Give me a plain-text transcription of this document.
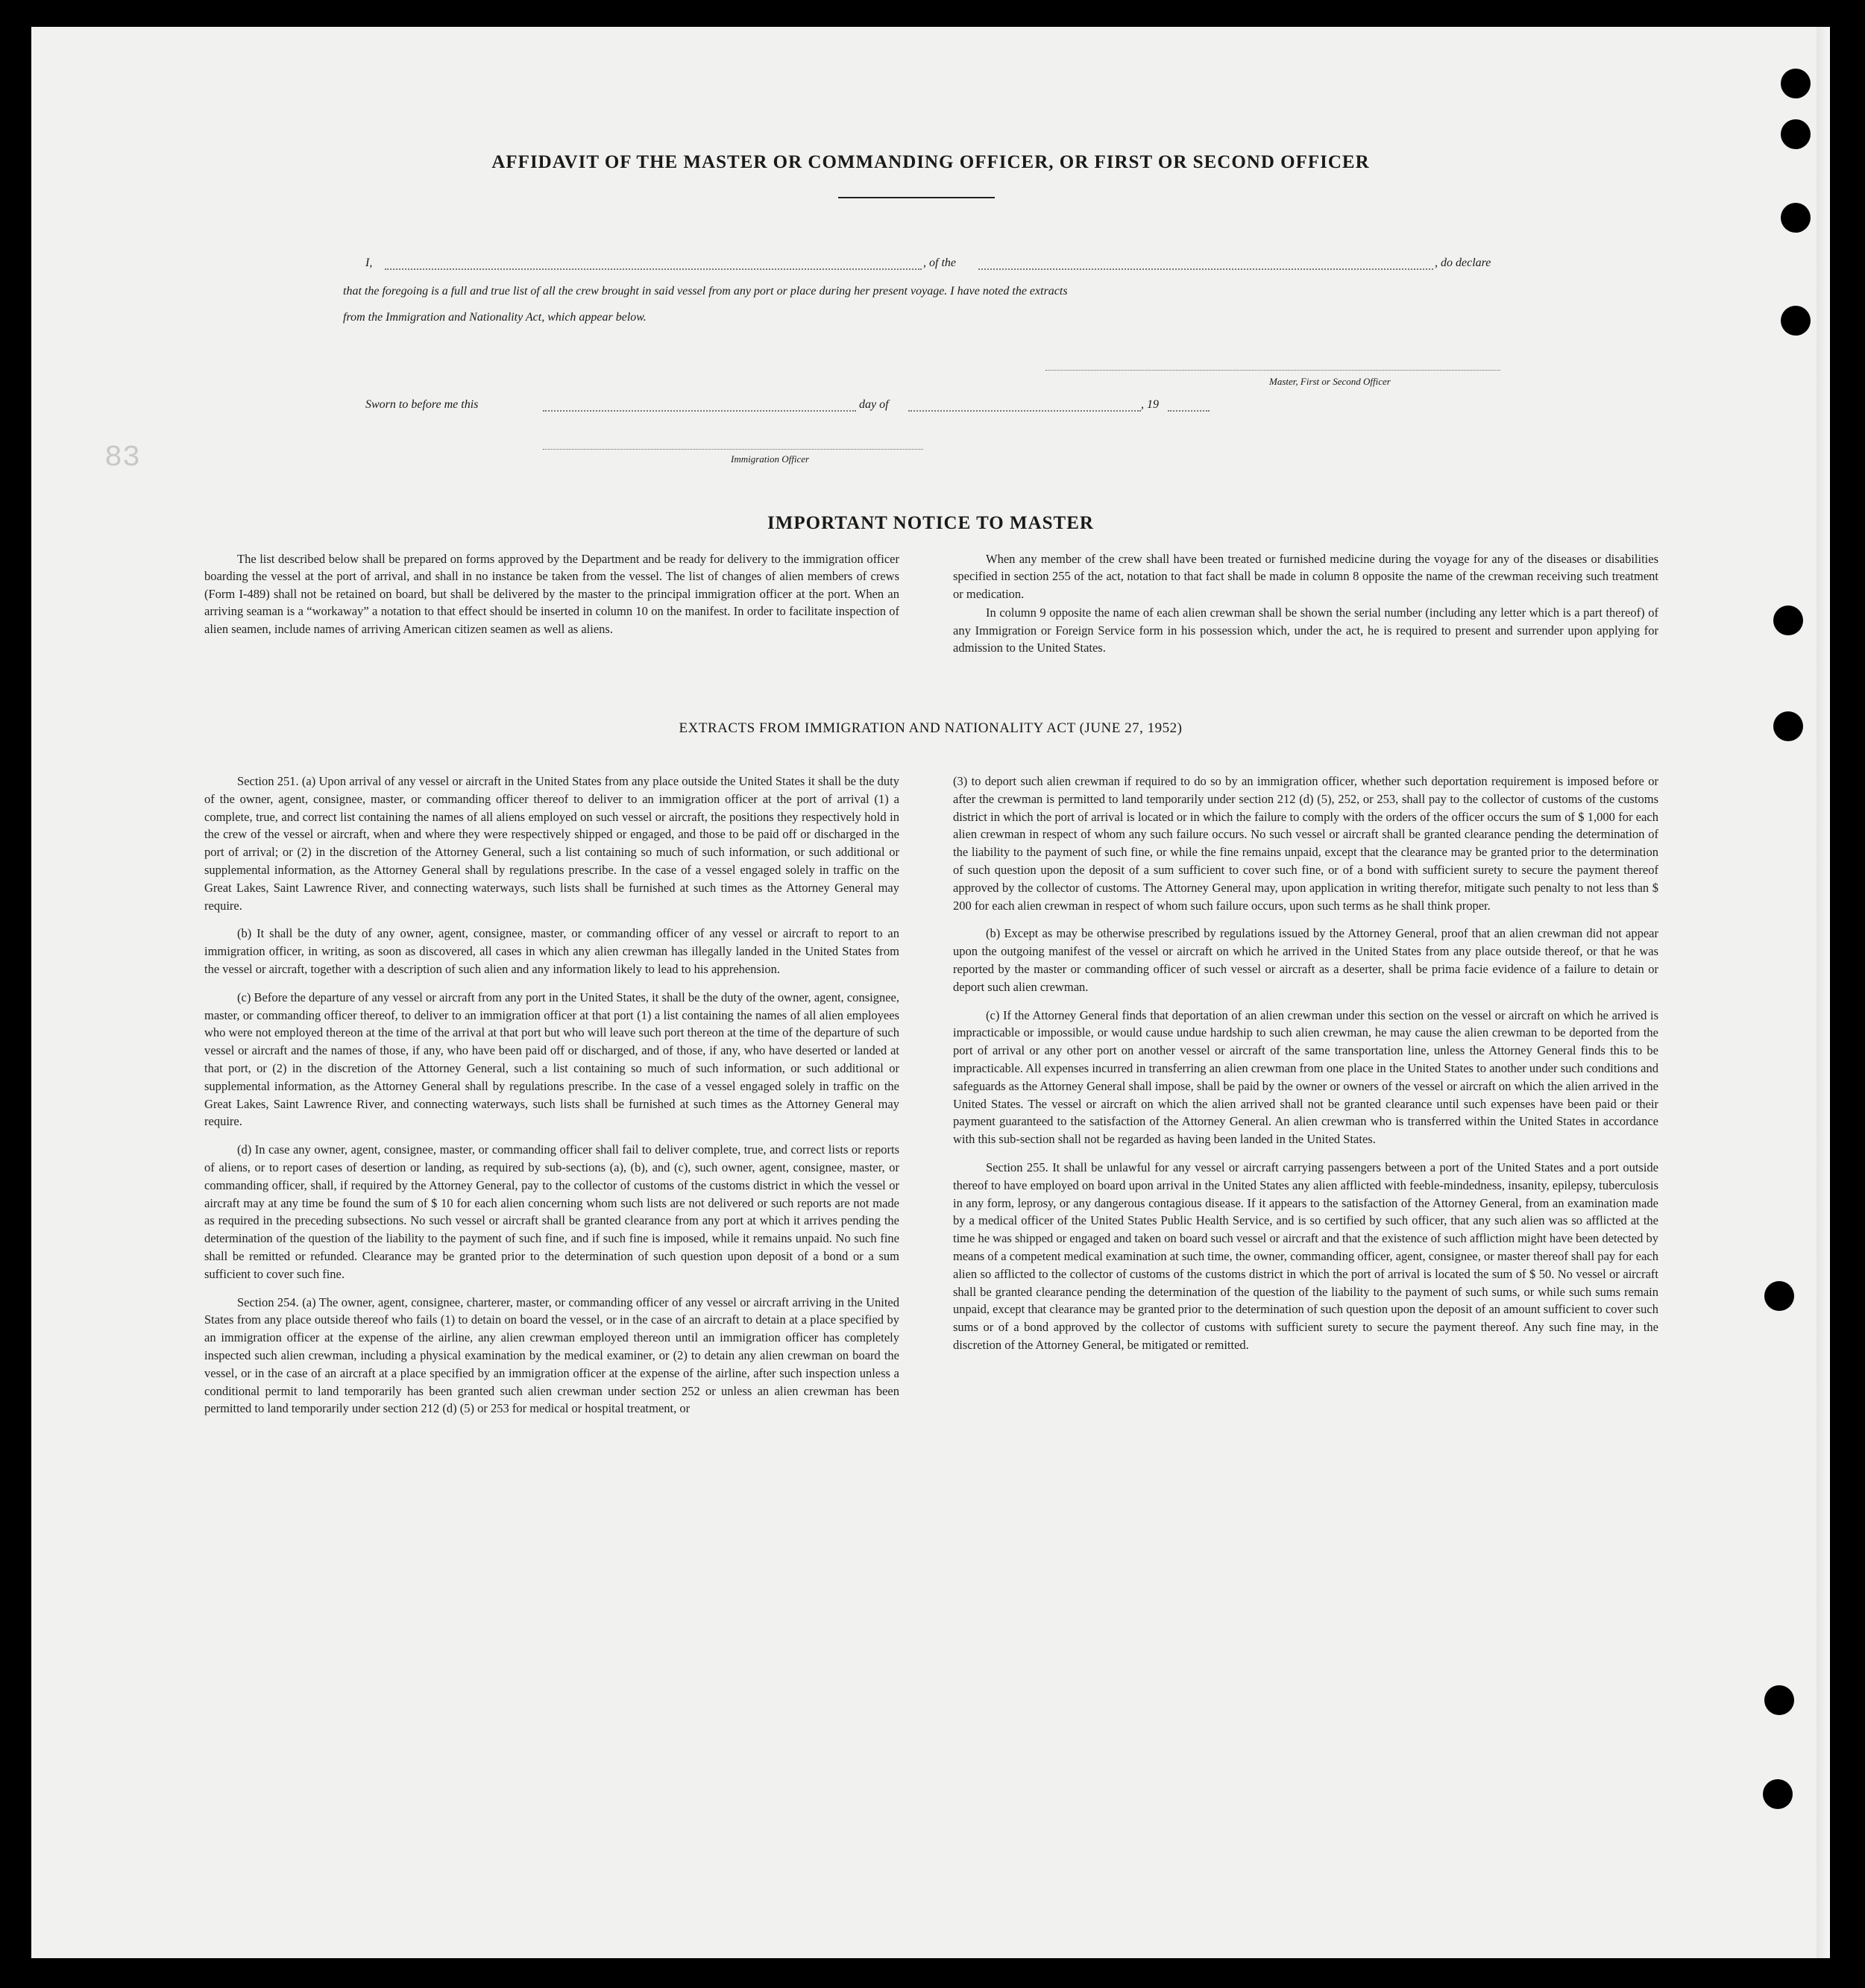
83
AFFIDAVIT OF THE MASTER OR COMMANDING OFFICER, OR FIRST OR SECOND OFFICER
I,	, of the	, do declare
that the foregoing is a full and true list of all the crew brought in said vessel from any port or place during her present voyage. I have noted the extracts
from the Immigration and Nationality Act, which appear below.
Master, First or Second Officer
Sworn to before me this	day of	, 19
Immigration Officer
IMPORTANT NOTICE TO MASTER

The list described below shall be prepared on forms approved by the Department and be ready for delivery to the immigration officer boarding the vessel at the port of arrival, and shall in no instance be taken from the vessel. The list of changes of alien members of crews (Form I-489) shall not be retained on board, but shall be delivered by the master to the principal immigration officer at the port. When an arriving seaman is a “workaway” a notation to that effect should be inserted in column 10 on the manifest. In order to facilitate inspection of alien seamen, include names of arriving American citizen seamen as well as aliens.

When any member of the crew shall have been treated or furnished medicine during the voyage for any of the diseases or disabilities specified in section 255 of the act, notation to that fact shall be made in column 8 opposite the name of the crewman receiving such treatment or medication.

In column 9 opposite the name of each alien crewman shall be shown the serial number (including any letter which is a part thereof) of any Immigration or Foreign Service form in his possession which, under the act, he is required to present and surrender upon applying for admission to the United States.

EXTRACTS FROM IMMIGRATION AND NATIONALITY ACT (JUNE 27, 1952)

Section 251. (a) Upon arrival of any vessel or aircraft in the United States from any place outside the United States it shall be the duty of the owner, agent, consignee, master, or commanding officer thereof to deliver to an immigration officer at the port of arrival (1) a complete, true, and correct list containing the names of all aliens employed on such vessel or aircraft, the positions they respectively hold in the crew of the vessel or aircraft, when and where they were respectively shipped or engaged, and those to be paid off or discharged in the port of arrival; or (2) in the discretion of the Attorney General, such a list containing so much of such information, or such additional or supplemental information, as the Attorney General shall by regulations prescribe. In the case of a vessel engaged solely in traffic on the Great Lakes, Saint Lawrence River, and connecting waterways, such lists shall be furnished at such times as the Attorney General may require.

(b) It shall be the duty of any owner, agent, consignee, master, or commanding officer of any vessel or aircraft to report to an immigration officer, in writing, as soon as discovered, all cases in which any alien crewman has illegally landed in the United States from the vessel or aircraft, together with a description of such alien and any information likely to lead to his apprehension.

(c) Before the departure of any vessel or aircraft from any port in the United States, it shall be the duty of the owner, agent, consignee, master, or commanding officer thereof, to deliver to an immigration officer at that port (1) a list containing the names of all alien employees who were not employed thereon at the time of the arrival at that port but who will leave such port thereon at the time of the departure of such vessel or aircraft and the names of those, if any, who have been paid off or discharged, and of those, if any, who have deserted or landed at that port, or (2) in the discretion of the Attorney General, such a list containing so much of such information, or such additional or supplemental information, as the Attorney General shall by regulations prescribe. In the case of a vessel engaged solely in traffic on the Great Lakes, Saint Lawrence River, and connecting waterways, such lists shall be furnished at such times as the Attorney General may require.

(d) In case any owner, agent, consignee, master, or commanding officer shall fail to deliver complete, true, and correct lists or reports of aliens, or to report cases of desertion or landing, as required by sub-sections (a), (b), and (c), such owner, agent, consignee, master, or commanding officer, shall, if required by the Attorney General, pay to the collector of customs of the customs district in which the vessel or aircraft may at any time be found the sum of $ 10 for each alien concerning whom such lists are not delivered or such reports are not made as required in the preceding subsections. No such vessel or aircraft shall be granted clearance from any port at which it arrives pending the determination of the question of the liability to the payment of such fine, and if such fine is imposed, while it remains unpaid. No such fine shall be remitted or refunded. Clearance may be granted prior to the determination of such question upon deposit of a bond or a sum sufficient to cover such fine.

Section 254. (a) The owner, agent, consignee, charterer, master, or commanding officer of any vessel or aircraft arriving in the United States from any place outside thereof who fails (1) to detain on board the vessel, or in the case of an aircraft to detain at a place specified by an immigration officer at the expense of the airline, any alien crewman employed thereon until an immigration officer has completely inspected such alien crewman, including a physical examination by the medical examiner, or (2) to detain any alien crewman on board the vessel, or in the case of an aircraft at a place specified by an immigration officer at the expense of the airline, after such inspection unless a conditional permit to land temporarily has been granted such alien crewman under section 252 or unless an alien crewman has been permitted to land temporarily under section 212 (d) (5) or 253 for medical or hospital treatment, or

(3) to deport such alien crewman if required to do so by an immigration officer, whether such deportation requirement is imposed before or after the crewman is permitted to land temporarily under section 212 (d) (5), 252, or 253, shall pay to the collector of customs of the customs district in which the port of arrival is located or in which the failure to comply with the orders of the officer occurs the sum of $ 1,000 for each alien crewman in respect of whom any such failure occurs. No such vessel or aircraft shall be granted clearance pending the determination of the liability to the payment of such fine, or while the fine remains unpaid, except that the clearance may be granted prior to the determination of such question upon the deposit of a sum sufficient to cover such fine, or of a bond with sufficient surety to secure the payment thereof approved by the collector of customs. The Attorney General may, upon application in writing therefor, mitigate such penalty to not less than $ 200 for each alien crewman in respect of whom such failure occurs, upon such terms as he shall think proper.

(b) Except as may be otherwise prescribed by regulations issued by the Attorney General, proof that an alien crewman did not appear upon the outgoing manifest of the vessel or aircraft on which he arrived in the United States from any place outside thereof, or that he was reported by the master or commanding officer of such vessel or aircraft as a deserter, shall be prima facie evidence of a failure to detain or deport such alien crewman.

(c) If the Attorney General finds that deportation of an alien crewman under this section on the vessel or aircraft on which he arrived is impracticable or impossible, or would cause undue hardship to such alien crewman, he may cause the alien crewman to be deported from the port of arrival or any other port on another vessel or aircraft of the same transportation line, unless the Attorney General finds this to be impracticable. All expenses incurred in transferring an alien crewman from one place in the United States to another under such conditions and safeguards as the Attorney General shall impose, shall be paid by the owner or owners of the vessel or aircraft on which the alien arrived in the United States. The vessel or aircraft on which the alien arrived shall not be granted clearance until such expenses have been paid or their payment guaranteed to the satisfaction of the Attorney General. An alien crewman who is transferred within the United States in accordance with this sub-section shall not be regarded as having been landed in the United States.

Section 255. It shall be unlawful for any vessel or aircraft carrying passengers between a port of the United States and a port outside thereof to have employed on board upon arrival in the United States any alien afflicted with feeble-mindedness, insanity, epilepsy, tuberculosis in any form, leprosy, or any dangerous contagious disease. If it appears to the satisfaction of the Attorney General, from an examination made by a medical officer of the United States Public Health Service, and is so certified by such officer, that any such alien was so afflicted at the time he was shipped or engaged and taken on board such vessel or aircraft and that the existence of such affliction might have been detected by means of a competent medical examination at such time, the owner, commanding officer, agent, consignee, or master thereof shall pay for each alien so afflicted to the collector of customs of the customs district in which the port of arrival is located the sum of $ 50. No vessel or aircraft shall be granted clearance pending the determination of the question of the liability to the payment of such sums, or while such sums remain unpaid, except that clearance may be granted prior to the determination of such question upon the deposit of an amount sufficient to cover such sums or of a bond approved by the collector of customs with sufficient surety to secure the payment thereof. Any such fine may, in the discretion of the Attorney General, be mitigated or remitted.
